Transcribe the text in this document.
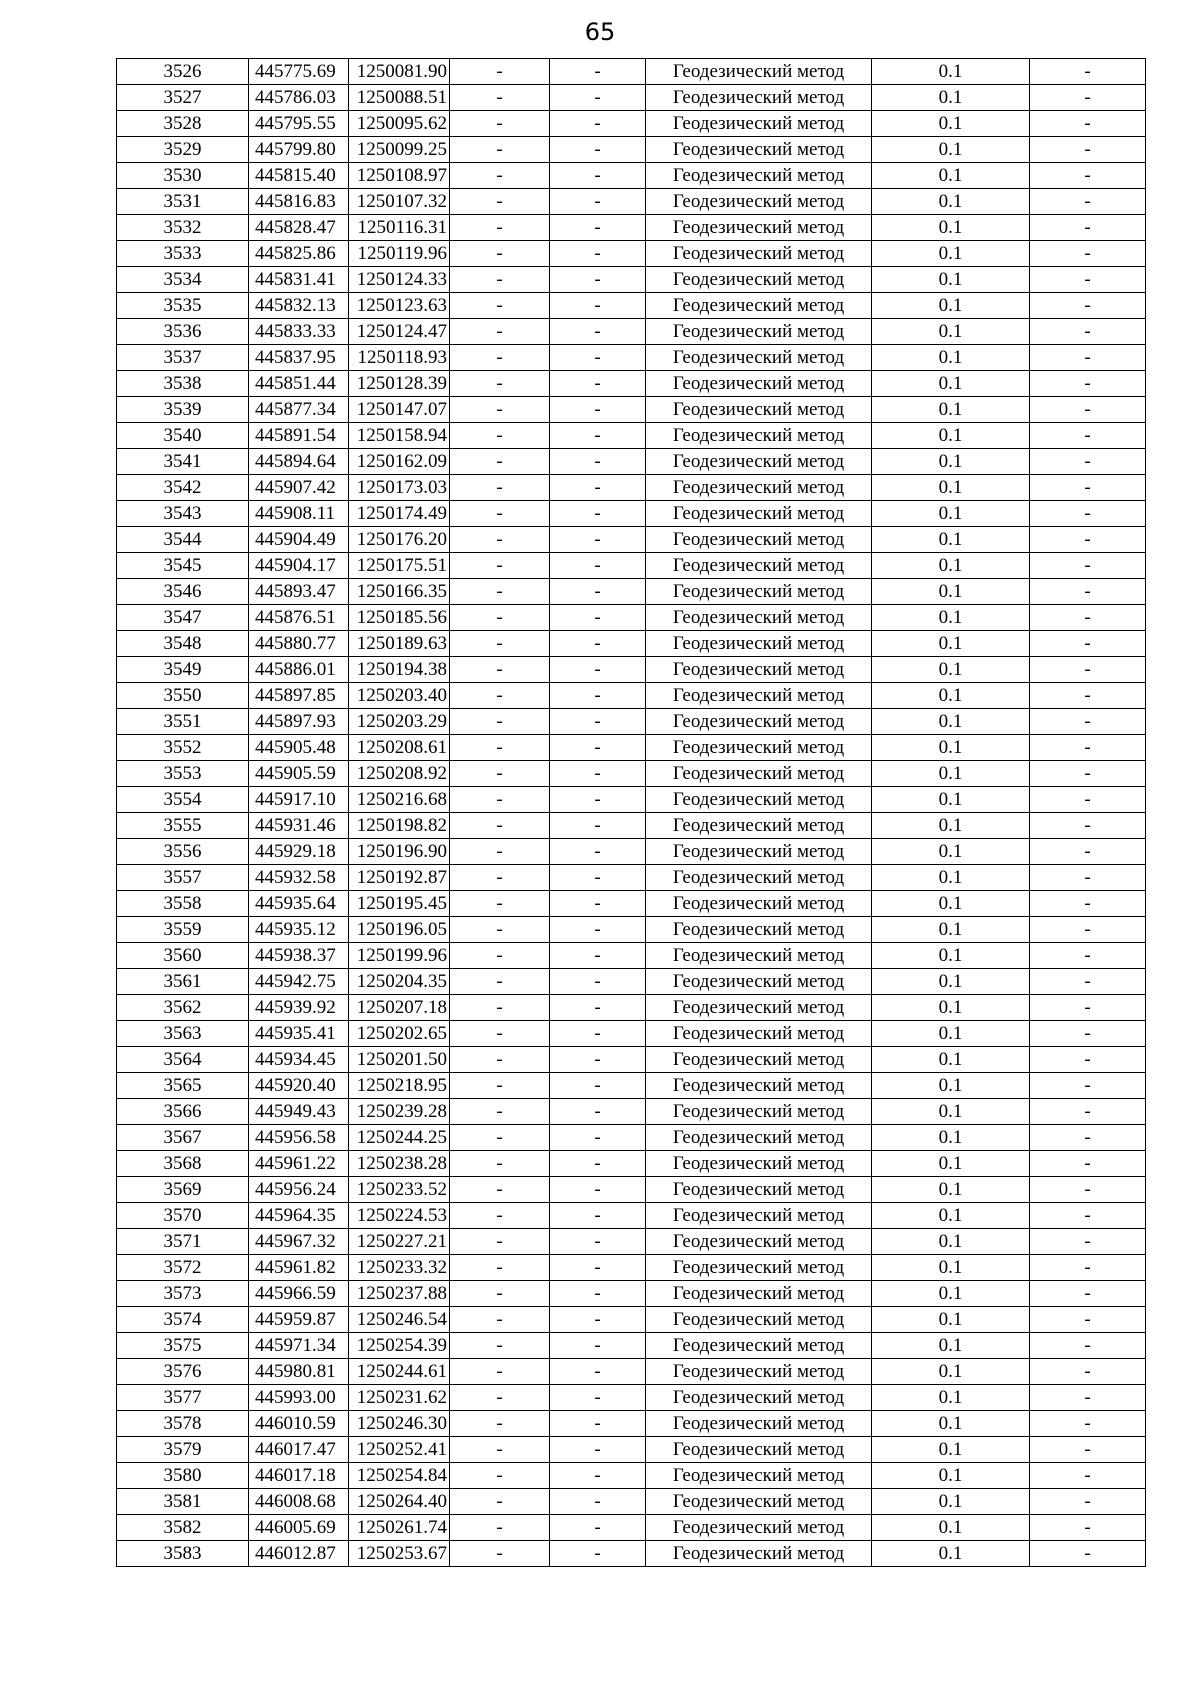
65
3526	445775.69	1250081.90	-	-	Геодезический метод	0.1	-
3527	445786.03	1250088.51	-	-	Геодезический метод	0.1	-
3528	445795.55	1250095.62	-	-	Геодезический метод	0.1	-
3529	445799.80	1250099.25	-	-	Геодезический метод	0.1	-
3530	445815.40	1250108.97	-	-	Геодезический метод	0.1	-
3531	445816.83	1250107.32	-	-	Геодезический метод	0.1	-
3532	445828.47	1250116.31	-	-	Геодезический метод	0.1	-
3533	445825.86	1250119.96	-	-	Геодезический метод	0.1	-
3534	445831.41	1250124.33	-	-	Геодезический метод	0.1	-
3535	445832.13	1250123.63	-	-	Геодезический метод	0.1	-
3536	445833.33	1250124.47	-	-	Геодезический метод	0.1	-
3537	445837.95	1250118.93	-	-	Геодезический метод	0.1	-
3538	445851.44	1250128.39	-	-	Геодезический метод	0.1	-
3539	445877.34	1250147.07	-	-	Геодезический метод	0.1	-
3540	445891.54	1250158.94	-	-	Геодезический метод	0.1	-
3541	445894.64	1250162.09	-	-	Геодезический метод	0.1	-
3542	445907.42	1250173.03	-	-	Геодезический метод	0.1	-
3543	445908.11	1250174.49	-	-	Геодезический метод	0.1	-
3544	445904.49	1250176.20	-	-	Геодезический метод	0.1	-
3545	445904.17	1250175.51	-	-	Геодезический метод	0.1	-
3546	445893.47	1250166.35	-	-	Геодезический метод	0.1	-
3547	445876.51	1250185.56	-	-	Геодезический метод	0.1	-
3548	445880.77	1250189.63	-	-	Геодезический метод	0.1	-
3549	445886.01	1250194.38	-	-	Геодезический метод	0.1	-
3550	445897.85	1250203.40	-	-	Геодезический метод	0.1	-
3551	445897.93	1250203.29	-	-	Геодезический метод	0.1	-
3552	445905.48	1250208.61	-	-	Геодезический метод	0.1	-
3553	445905.59	1250208.92	-	-	Геодезический метод	0.1	-
3554	445917.10	1250216.68	-	-	Геодезический метод	0.1	-
3555	445931.46	1250198.82	-	-	Геодезический метод	0.1	-
3556	445929.18	1250196.90	-	-	Геодезический метод	0.1	-
3557	445932.58	1250192.87	-	-	Геодезический метод	0.1	-
3558	445935.64	1250195.45	-	-	Геодезический метод	0.1	-
3559	445935.12	1250196.05	-	-	Геодезический метод	0.1	-
3560	445938.37	1250199.96	-	-	Геодезический метод	0.1	-
3561	445942.75	1250204.35	-	-	Геодезический метод	0.1	-
3562	445939.92	1250207.18	-	-	Геодезический метод	0.1	-
3563	445935.41	1250202.65	-	-	Геодезический метод	0.1	-
3564	445934.45	1250201.50	-	-	Геодезический метод	0.1	-
3565	445920.40	1250218.95	-	-	Геодезический метод	0.1	-
3566	445949.43	1250239.28	-	-	Геодезический метод	0.1	-
3567	445956.58	1250244.25	-	-	Геодезический метод	0.1	-
3568	445961.22	1250238.28	-	-	Геодезический метод	0.1	-
3569	445956.24	1250233.52	-	-	Геодезический метод	0.1	-
3570	445964.35	1250224.53	-	-	Геодезический метод	0.1	-
3571	445967.32	1250227.21	-	-	Геодезический метод	0.1	-
3572	445961.82	1250233.32	-	-	Геодезический метод	0.1	-
3573	445966.59	1250237.88	-	-	Геодезический метод	0.1	-
3574	445959.87	1250246.54	-	-	Геодезический метод	0.1	-
3575	445971.34	1250254.39	-	-	Геодезический метод	0.1	-
3576	445980.81	1250244.61	-	-	Геодезический метод	0.1	-
3577	445993.00	1250231.62	-	-	Геодезический метод	0.1	-
3578	446010.59	1250246.30	-	-	Геодезический метод	0.1	-
3579	446017.47	1250252.41	-	-	Геодезический метод	0.1	-
3580	446017.18	1250254.84	-	-	Геодезический метод	0.1	-
3581	446008.68	1250264.40	-	-	Геодезический метод	0.1	-
3582	446005.69	1250261.74	-	-	Геодезический метод	0.1	-
3583	446012.87	1250253.67	-	-	Геодезический метод	0.1	-
